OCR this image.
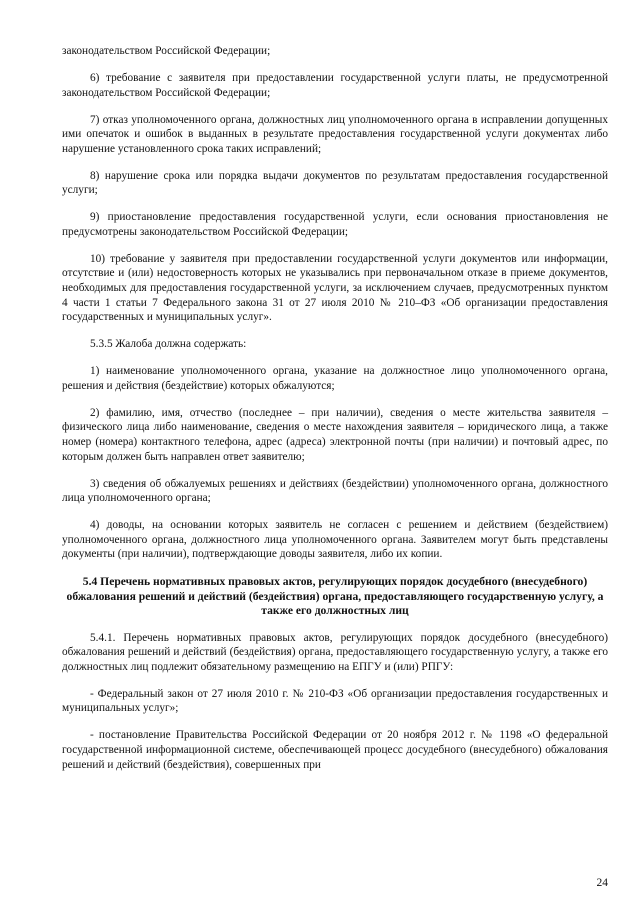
законодательством Российской Федерации;

6) требование с заявителя при предоставлении государственной услуги платы, не предусмотренной законодательством Российской Федерации;

7) отказ уполномоченного органа, должностных лиц уполномоченного органа в исправлении допущенных ими опечаток и ошибок в выданных в результате предоставления государственной услуги документах либо нарушение установленного срока таких исправлений;

8) нарушение срока или порядка выдачи документов по результатам предоставления государственной услуги;

9) приостановление предоставления государственной услуги, если основания приостановления не предусмотрены законодательством Российской Федерации;

10) требование у заявителя при предоставлении государственной услуги документов или информации, отсутствие и (или) недостоверность которых не указывались при первоначальном отказе в приеме документов, необходимых для предоставления государственной услуги, за исключением случаев, предусмотренных пунктом 4 части 1 статьи 7 Федерального закона 31 от 27 июля 2010 № 210–ФЗ «Об организации предоставления государственных и муниципальных услуг».

5.3.5 Жалоба должна содержать:

1) наименование уполномоченного органа, указание на должностное лицо уполномоченного органа, решения и действия (бездействие) которых обжалуются;

2) фамилию, имя, отчество (последнее – при наличии), сведения о месте жительства заявителя – физического лица либо наименование, сведения о месте нахождения заявителя – юридического лица, а также номер (номера) контактного телефона, адрес (адреса) электронной почты (при наличии) и почтовый адрес, по которым должен быть направлен ответ заявителю;

3) сведения об обжалуемых решениях и действиях (бездействии) уполномоченного органа, должностного лица уполномоченного органа;

4) доводы, на основании которых заявитель не согласен с решением и действием (бездействием) уполномоченного органа, должностного лица уполномоченного органа. Заявителем могут быть представлены документы (при наличии), подтверждающие доводы заявителя, либо их копии.

5.4 Перечень нормативных правовых актов, регулирующих порядок досудебного (внесудебного) обжалования решений и действий (бездействия) органа, предоставляющего государственную услугу, а также его должностных лиц

5.4.1. Перечень нормативных правовых актов, регулирующих порядок досудебного (внесудебного) обжалования решений и действий (бездействия) органа, предоставляющего государственную услугу, а также его должностных лиц подлежит обязательному размещению на ЕПГУ и (или) РПГУ:

- Федеральный закон от 27 июля 2010 г. № 210-ФЗ «Об организации предоставления государственных и муниципальных услуг»;

- постановление Правительства Российской Федерации от 20 ноября 2012 г. № 1198 «О федеральной государственной информационной системе, обеспечивающей процесс досудебного (внесудебного) обжалования решений и действий (бездействия), совершенных при

24
